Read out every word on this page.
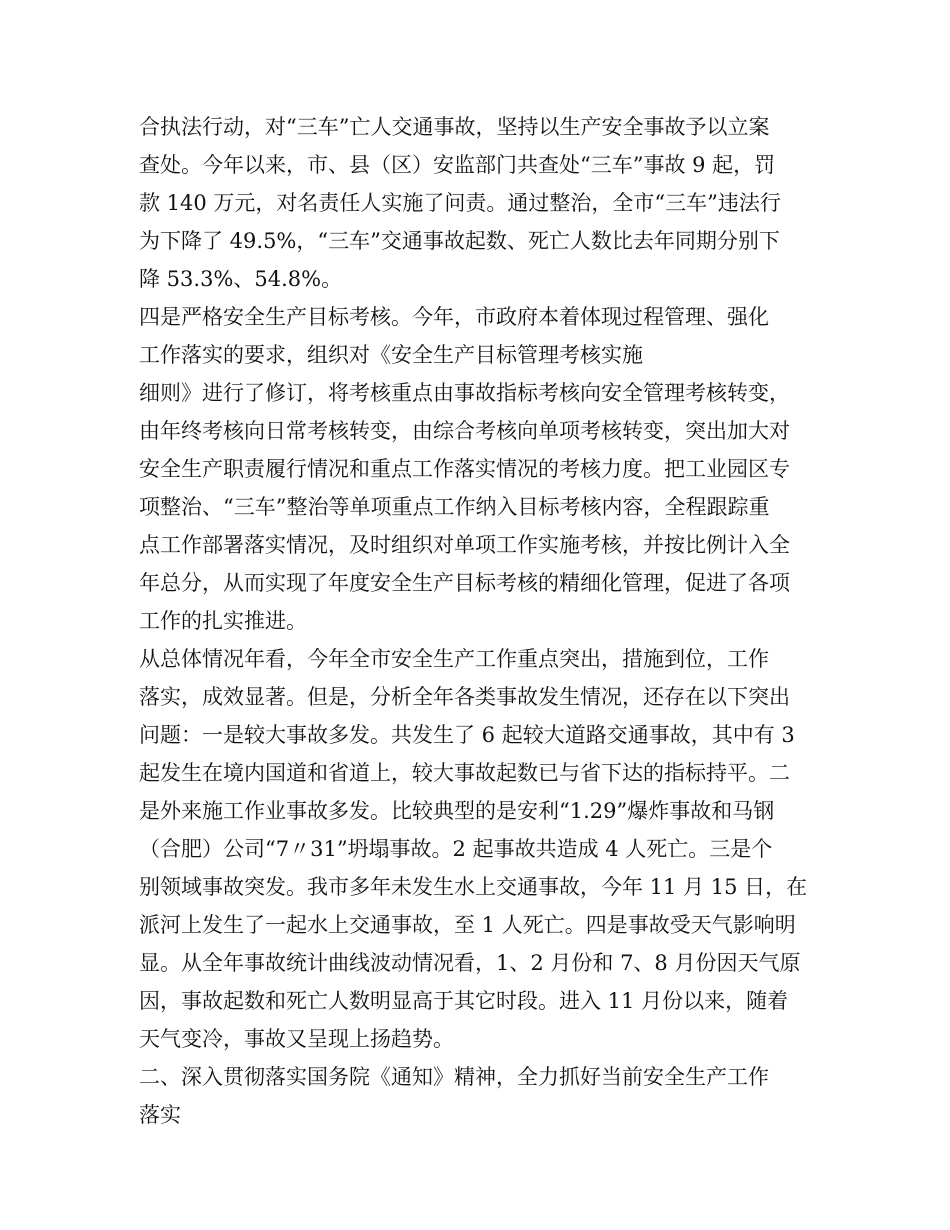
合执法行动，对“三车”亡人交通事故，坚持以生产安全事故予以立案
查处。今年以来，市、县（区）安监部门共查处“三车”事故 9 起，罚
款 140 万元，对名责任人实施了问责。通过整治，全市“三车”违法行
为下降了 49.5%，“三车”交通事故起数、死亡人数比去年同期分别下
降 53.3%、54.8%。
四是严格安全生产目标考核。今年，市政府本着体现过程管理、强化
工作落实的要求，组织对《安全生产目标管理考核实施
细则》进行了修订，将考核重点由事故指标考核向安全管理考核转变，
由年终考核向日常考核转变，由综合考核向单项考核转变，突出加大对
安全生产职责履行情况和重点工作落实情况的考核力度。把工业园区专
项整治、“三车”整治等单项重点工作纳入目标考核内容，全程跟踪重
点工作部署落实情况，及时组织对单项工作实施考核，并按比例计入全
年总分，从而实现了年度安全生产目标考核的精细化管理，促进了各项
工作的扎实推进。
从总体情况年看，今年全市安全生产工作重点突出，措施到位，工作
落实，成效显著。但是，分析全年各类事故发生情况，还存在以下突出
问题：一是较大事故多发。共发生了 6 起较大道路交通事故，其中有 3
起发生在境内国道和省道上，较大事故起数已与省下达的指标持平。二
是外来施工作业事故多发。比较典型的是安利“1.29”爆炸事故和马钢
（合肥）公司“7〃31”坍塌事故。2 起事故共造成 4 人死亡。三是个
别领域事故突发。我市多年未发生水上交通事故，今年 11 月 15 日，在
派河上发生了一起水上交通事故，至 1 人死亡。四是事故受天气影响明
显。从全年事故统计曲线波动情况看，1、2 月份和 7、8 月份因天气原
因，事故起数和死亡人数明显高于其它时段。进入 11 月份以来，随着
天气变冷，事故又呈现上扬趋势。
二、深入贯彻落实国务院《通知》精神，全力抓好当前安全生产工作
落实
